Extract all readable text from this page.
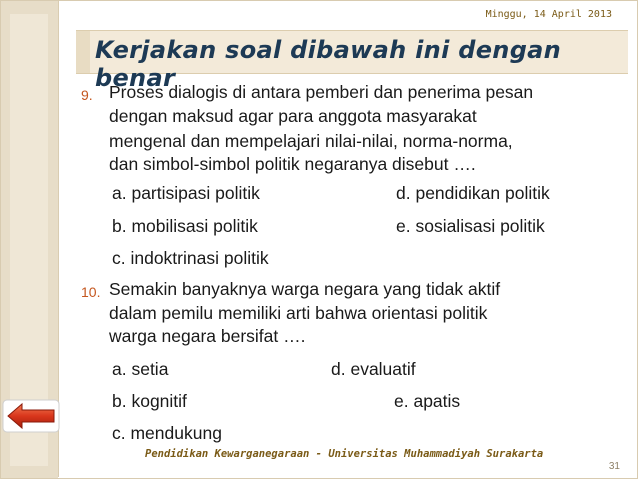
Minggu, 14 April 2013
Kerjakan soal dibawah ini dengan benar
9. Proses dialogis di antara pemberi dan penerima pesan
dengan maksud agar para anggota masyarakat
mengenal dan mempelajari nilai-nilai, norma-norma,
dan simbol-simbol politik negaranya disebut ….
a. partisipasi politik	d. pendidikan politik
b. mobilisasi politik	e. sosialisasi politik
c. indoktrinasi politik
10. Semakin banyaknya warga negara yang tidak aktif
dalam pemilu memiliki arti bahwa orientasi politik
warga negara bersifat ….
a. setia	d. evaluatif
b. kognitif	e. apatis
c. mendukung
Pendidikan Kewarganegaraan - Universitas Muhammadiyah Surakarta
31
